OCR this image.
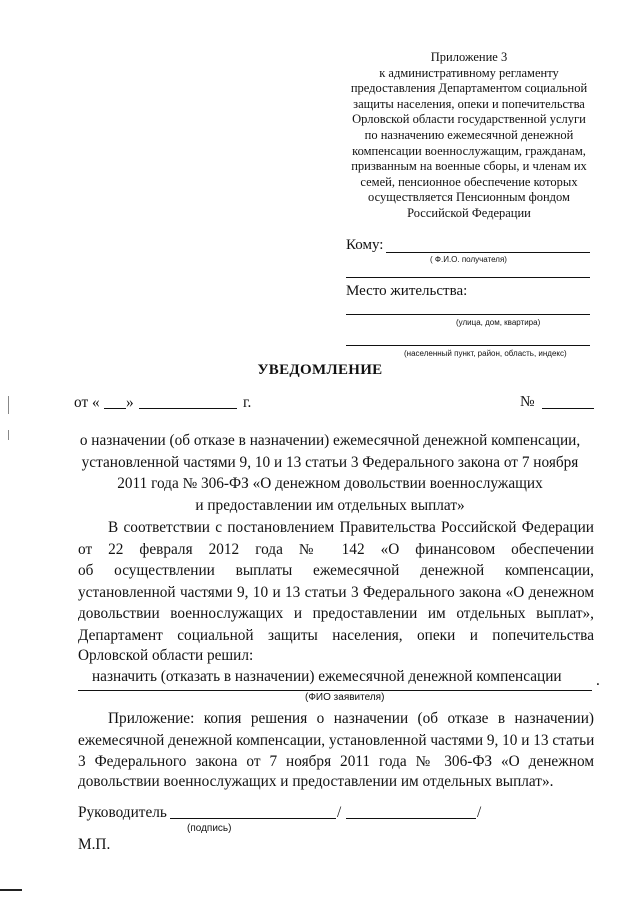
Приложение 3
к административному регламенту
предоставления Департаментом социальной
защиты населения, опеки и попечительства
Орловской области государственной услуги
по назначению ежемесячной денежной
компенсации военнослужащим, гражданам,
призванным на военные сборы, и членам их
семей, пенсионное обеспечение которых
осуществляется Пенсионным фондом
Российской Федерации
Кому:
( Ф.И.О. получателя)
Место жительства:
(улица, дом, квартира)
(населенный пункт, район, область, индекс)
УВЕДОМЛЕНИЕ
от « »	г.	№
о назначении (об отказе в назначении) ежемесячной денежной компенсации,
установленной частями 9, 10 и 13 статьи 3 Федерального закона от 7 ноября
2011 года № 306-ФЗ «О денежном довольствии военнослужащих
и предоставлении им отдельных выплат»
В соответствии с постановлением Правительства Российской Федерации
от 22 февраля 2012 года № 142 «О финансовом обеспечении
об осуществлении выплаты ежемесячной денежной компенсации,
установленной частями 9, 10 и 13 статьи 3 Федерального закона «О денежном
довольствии военнослужащих и предоставлении им отдельных выплат»,
Департамент социальной защиты населения, опеки и попечительства
Орловской области решил:
назначить (отказать в назначении) ежемесячной денежной компенсации .
(ФИО заявителя)
Приложение: копия решения о назначении (об отказе в назначении)
ежемесячной денежной компенсации, установленной частями 9, 10 и 13 статьи
3 Федерального закона от 7 ноября 2011 года № 306-ФЗ «О денежном
довольствии военнослужащих и предоставлении им отдельных выплат».
Руководитель	/	/
(подпись)
М.П.
